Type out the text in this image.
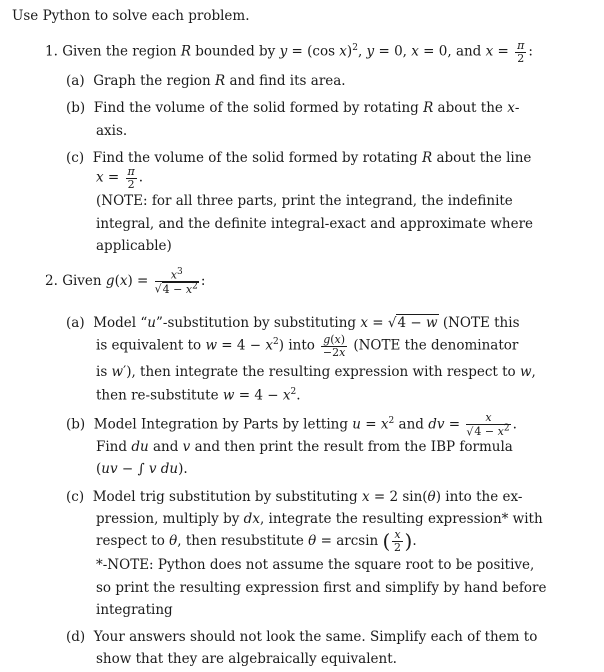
Use Python to solve each problem.
1. Given the region R bounded by y = (cos x)$^2$, y = 0, x = 0, and $x = \frac{\pi}{2}$ :
(a) Graph the region R and find its area.
(b) Find the volume of the solid formed by rotating R about the x-
axis.
(c) Find the volume of the solid formed by rotating R about the line
$x = \frac{\pi}{2}$ .
(NOTE: for all three parts, print the integrand, the indefinite
integral, and the definite integral-exact and approximate where
applicable)
2. Given $g(x) = \frac{x^3}{√4 - x^2}$ :
(a) Model “u”-substitution by substituting x = √4 − w (NOTE this
is equivalent to $w = 4 - x^2$) into $\frac{g(x)}{-2x}$ (NOTE the denominator
is w′), then integrate the resulting expression with respect to w,
then re-substitute $w = 4 - x^2$.
(b) Model Integration by Parts by letting $u = x^2$ and dv = $\frac{x}{√4 - x^2}$ .
Find du and v and then print the result from the IBP formula
(uv − ∫ v du).
(c) Model trig substitution by substituting x = 2 sin(θ) into the ex-
pression, multiply by dx, integrate the resulting expression* with
respect to θ, then resubstitute θ = arcsin ( $\frac{x}{2}$ ).
*-NOTE: Python does not assume the square root to be positive,
so print the resulting expression first and simplify by hand before
integrating
(d) Your answers should not look the same. Simplify each of them to
show that they are algebraically equivalent.
